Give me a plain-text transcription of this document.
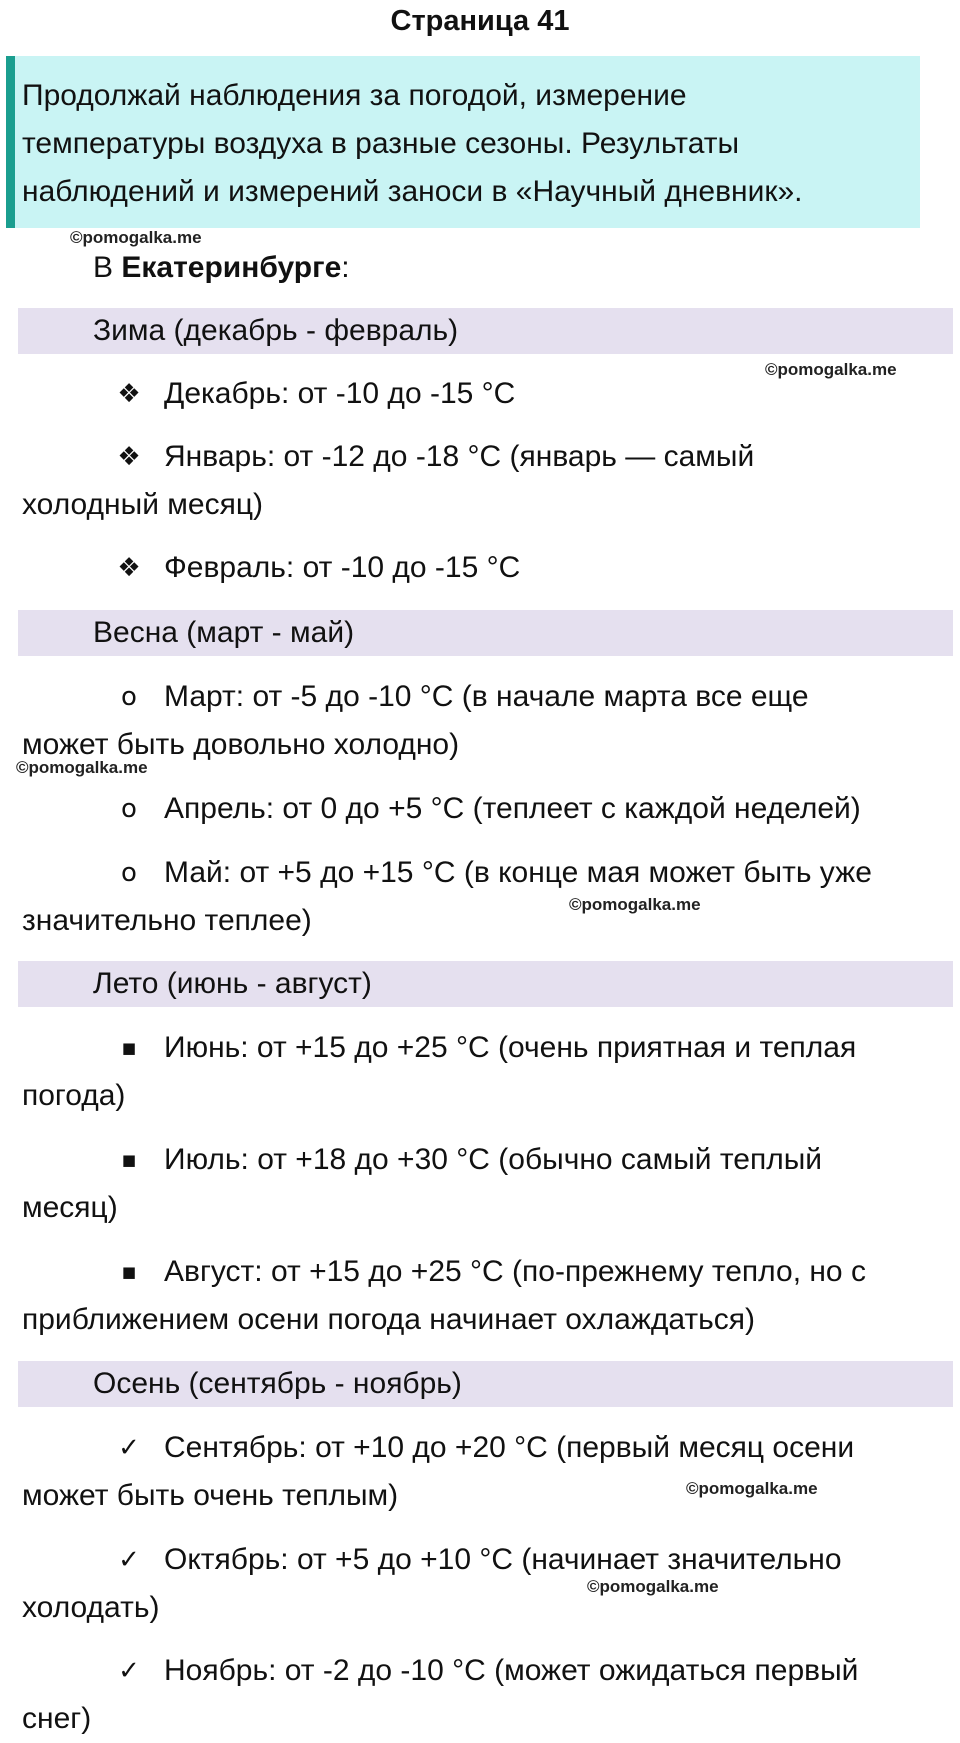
Страница 41
Продолжай наблюдения за погодой, измерение
температуры воздуха в разные сезоны. Результаты
наблюдений и измерений заноси в «Научный дневник».
©pomogalka.me
©pomogalka.me
©pomogalka.me
©pomogalka.me
©pomogalka.me
©pomogalka.me
В Екатеринбурге:
Зима (декабрь - февраль)
❖ Декабрь: от -10 до -15 °C
❖ Январь: от -12 до -18 °C (январь — самый
холодный месяц)
❖ Февраль: от -10 до -15 °C
Весна (март - май)
o Март: от -5 до -10 °C (в начале марта все еще
может быть довольно холодно)
o Апрель: от 0 до +5 °C (теплеет с каждой неделей)
o Май: от +5 до +15 °C (в конце мая может быть уже
значительно теплее)
Лето (июнь - август)
■ Июнь: от +15 до +25 °C (очень приятная и теплая
погода)
■ Июль: от +18 до +30 °C (обычно самый теплый
месяц)
■ Август: от +15 до +25 °C (по-прежнему тепло, но с
приближением осени погода начинает охлаждаться)
Осень (сентябрь - ноябрь)
✓ Сентябрь: от +10 до +20 °C (первый месяц осени
может быть очень теплым)
✓ Октябрь: от +5 до +10 °C (начинает значительно
холодать)
✓ Ноябрь: от -2 до -10 °C (может ожидаться первый
снег)
